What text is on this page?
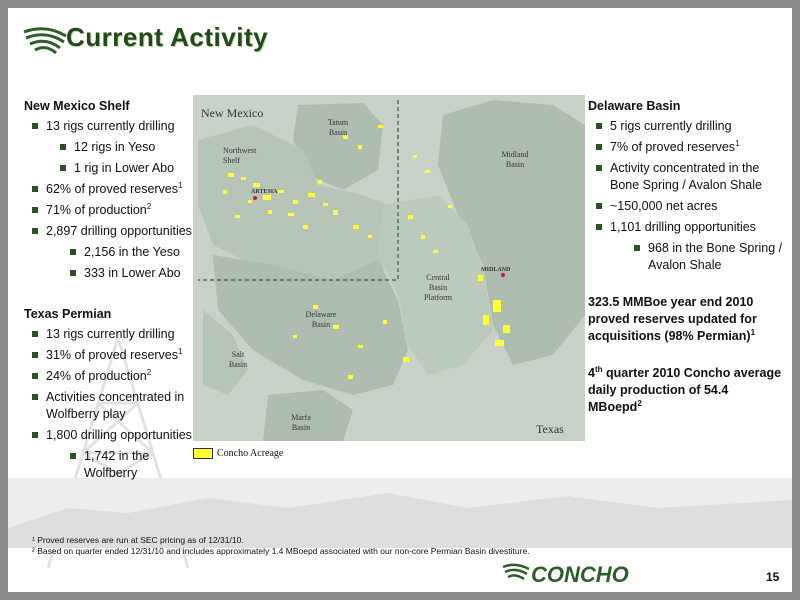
Current Activity
New Mexico Shelf
13 rigs currently drilling
12 rigs in Yeso
1 rig in Lower Abo
62% of proved reserves$^1$
71% of production$^2$
2,897 drilling opportunities
2,156 in the Yeso
333 in Lower Abo
Texas Permian
13 rigs currently drilling
31% of proved reserves$^1$
24% of production$^2$
Activities concentrated in Wolfberry play
1,800 drilling opportunities
1,742 in the Wolfberry
New Mexico
Texas
Tatum
Basin
Northwest
Shelf
Midland
Basin
Central
Basin
Platform
Delaware
Basin
Salt
Basin
Marfa
Basin
ARTESIA
MIDLAND
Concho Acreage
Delaware Basin
5 rigs currently drilling
7% of proved reserves$^1$
Activity concentrated in the Bone Spring / Avalon Shale
~150,000 net acres
1,101 drilling opportunities
968 in the Bone Spring / Avalon Shale
323.5 MMBoe year end 2010 proved reserves updated for acquisitions (98% Permian)$^1$
4th quarter 2010 Concho average daily production of 54.4 MBoepd$^2$
¹ Proved reserves are run at SEC pricing as of 12/31/10.
² Based on quarter ended 12/31/10 and includes approximately 1.4 MBoepd associated with our non-core Permian Basin divestiture.
CONCHO	15
